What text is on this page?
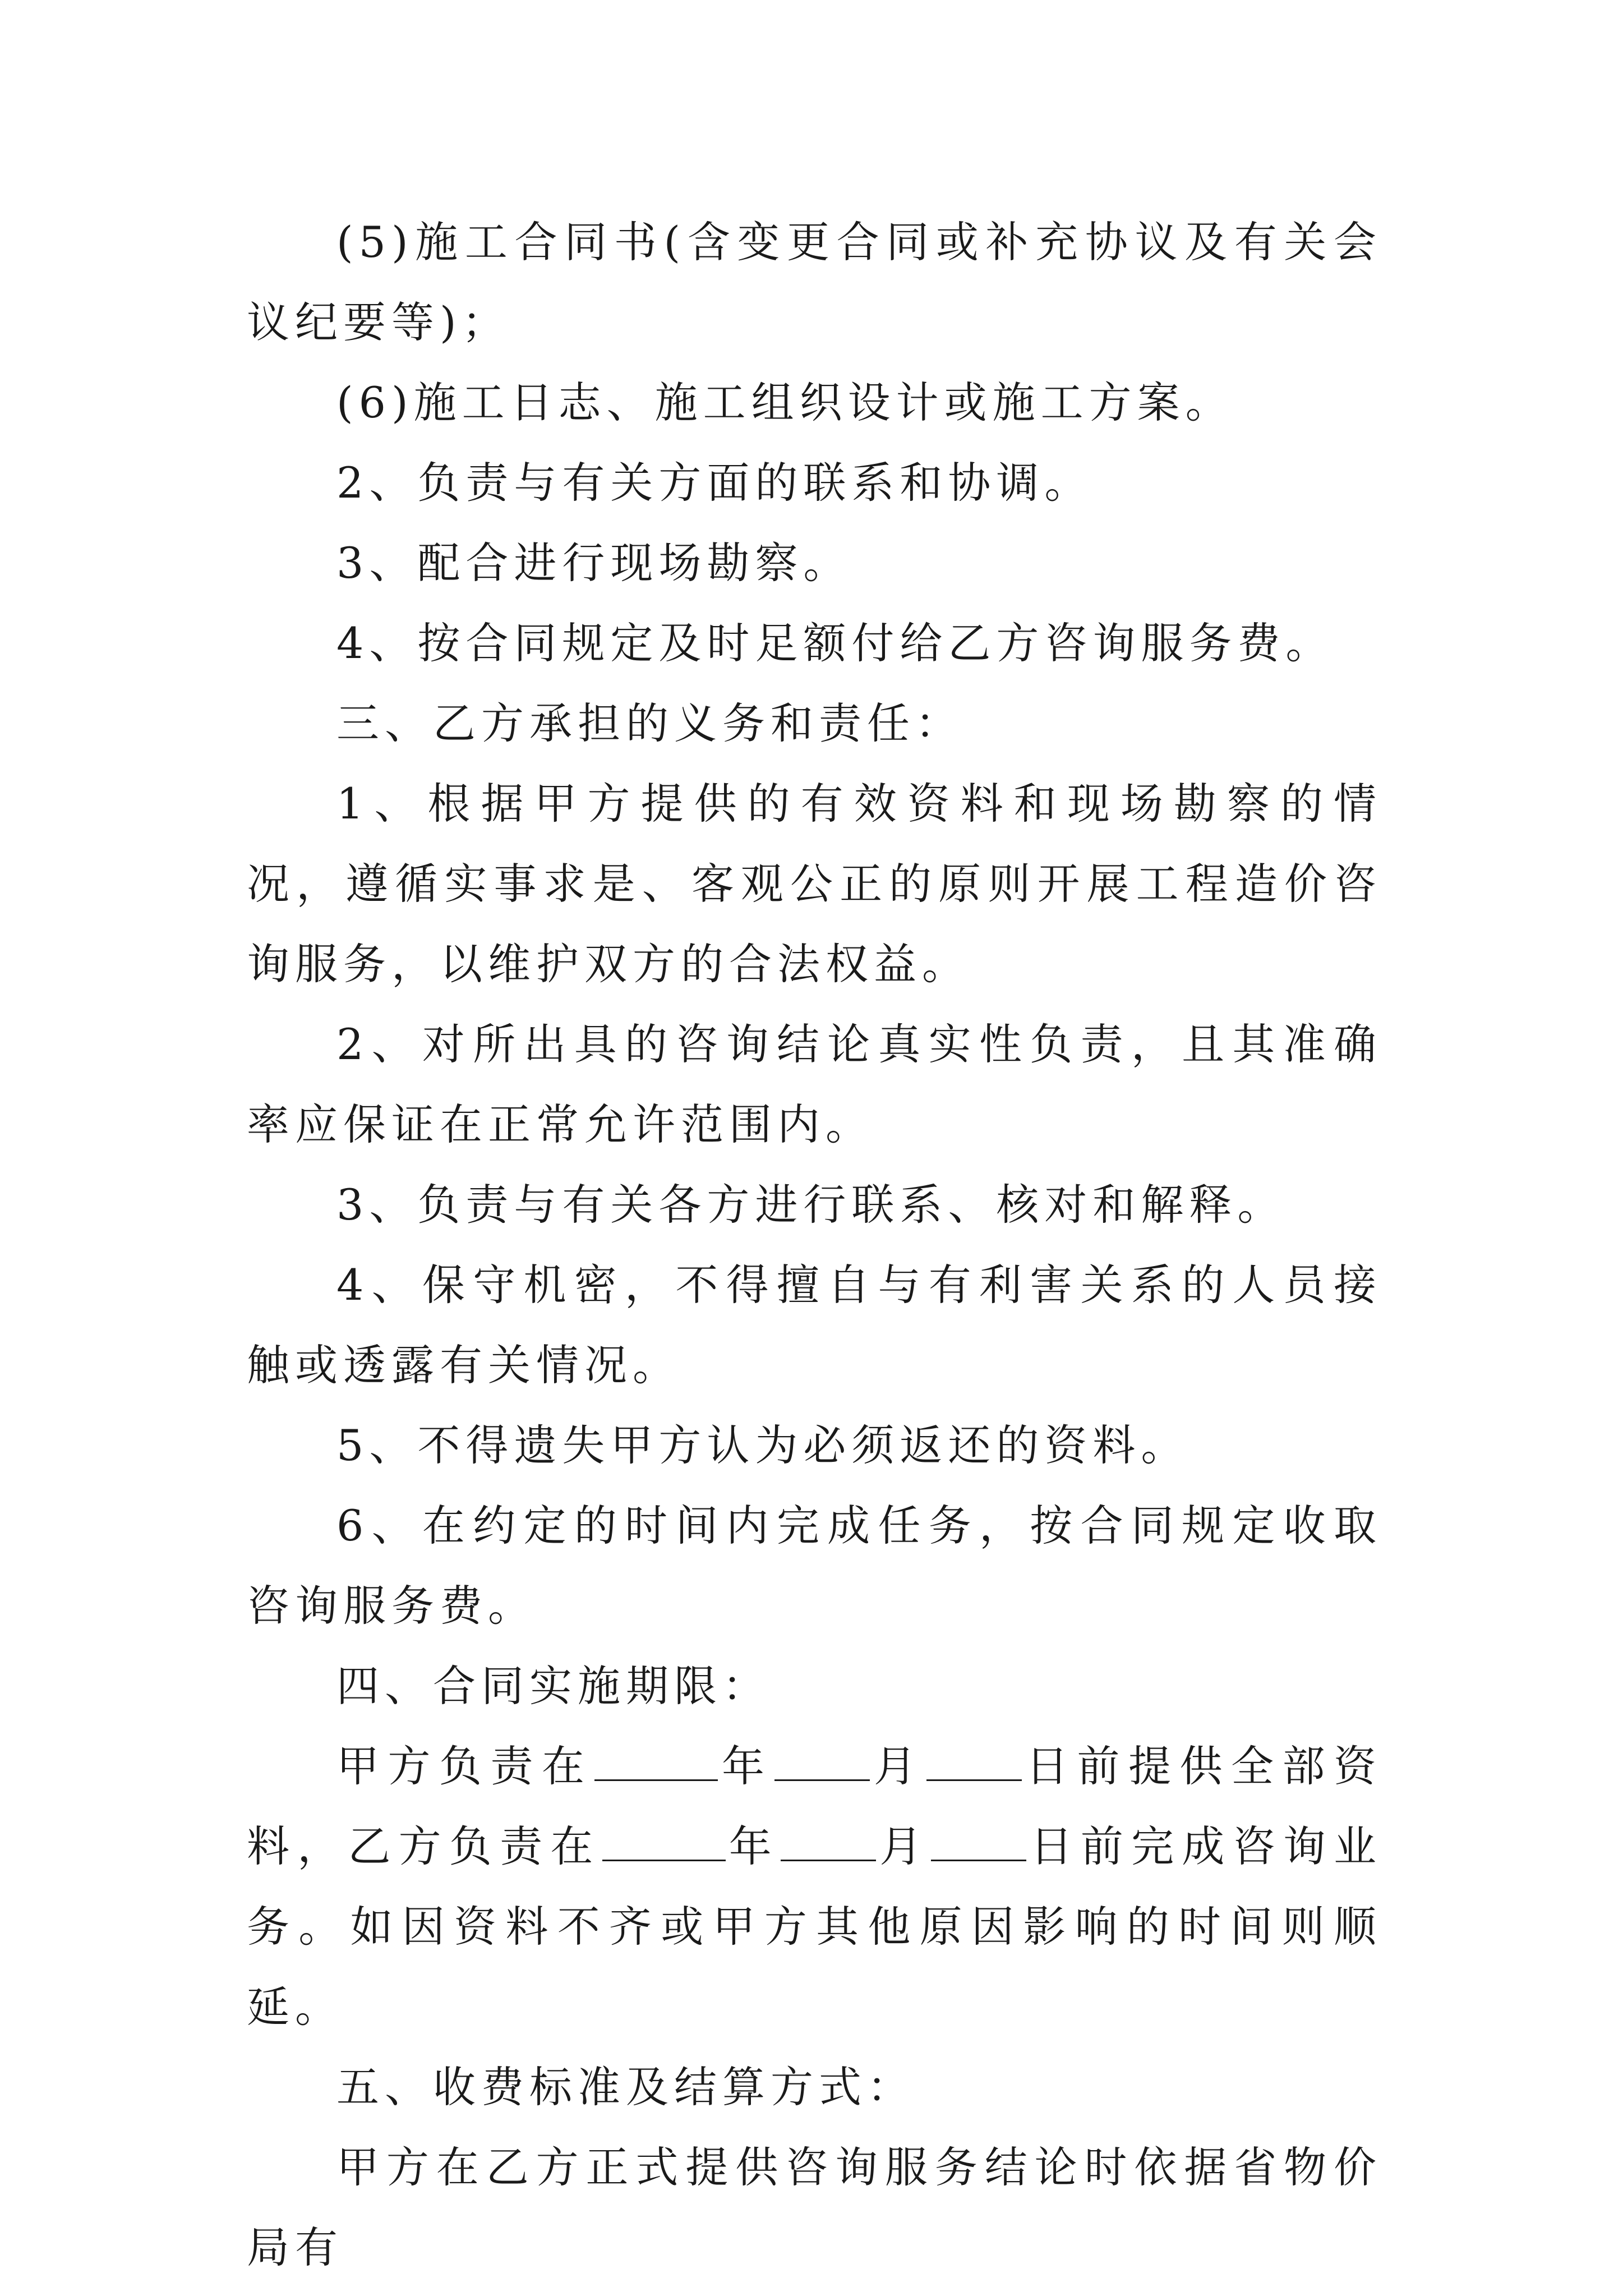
(5)施工合同书(含变更合同或补充协议及有关会议纪要等)；

(6)施工日志、施工组织设计或施工方案。

2、负责与有关方面的联系和协调。

3、配合进行现场勘察。

4、按合同规定及时足额付给乙方咨询服务费。

三、乙方承担的义务和责任：

1、根据甲方提供的有效资料和现场勘察的情况，遵循实事求是、客观公正的原则开展工程造价咨询服务，以维护双方的合法权益。

2、对所出具的咨询结论真实性负责，且其准确率应保证在正常允许范围内。

3、负责与有关各方进行联系、核对和解释。

4、保守机密，不得擅自与有利害关系的人员接触或透露有关情况。

5、不得遗失甲方认为必须返还的资料。

6、在约定的时间内完成任务，按合同规定收取咨询服务费。

四、合同实施期限：

甲方负责在	年 月 日前提供全部资料，乙方负责在	年 月 日前完成咨询业务。如因资料不齐或甲方其他原因影响的时间则顺延。

五、收费标准及结算方式：

甲方在乙方正式提供咨询服务结论时依据省物价局有
